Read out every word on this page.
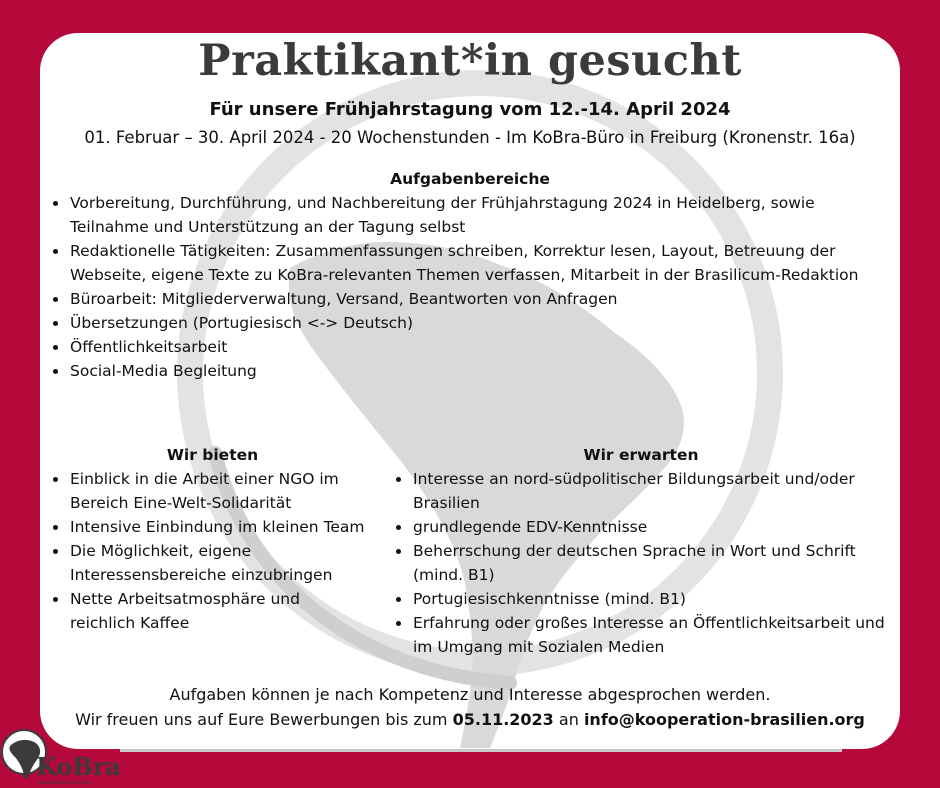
Praktikant*in gesucht
Für unsere Frühjahrstagung vom 12.-14. April 2024
01. Februar – 30. April 2024 - 20 Wochenstunden - Im KoBra-Büro in Freiburg (Kronenstr. 16a)
Aufgabenbereiche
Vorbereitung, Durchführung, und Nachbereitung der Frühjahrstagung 2024 in Heidelberg, sowie Teilnahme und Unterstützung an der Tagung selbst
Redaktionelle Tätigkeiten: Zusammenfassungen schreiben, Korrektur lesen, Layout, Betreuung der Webseite, eigene Texte zu KoBra-relevanten Themen verfassen, Mitarbeit in der Brasilicum-Redaktion
Büroarbeit: Mitgliederverwaltung, Versand, Beantworten von Anfragen
Übersetzungen (Portugiesisch <-> Deutsch)
Öffentlichkeitsarbeit
Social-Media Begleitung
Wir bieten
Einblick in die Arbeit einer NGO im Bereich Eine-Welt-Solidarität
Intensive Einbindung im kleinen Team
Die Möglichkeit, eigene Interessensbereiche einzubringen
Nette Arbeitsatmosphäre und reichlich Kaffee
Wir erwarten
Interesse an nord-südpolitischer Bildungsarbeit und/oder Brasilien
grundlegende EDV-Kenntnisse
Beherrschung der deutschen Sprache in Wort und Schrift (mind. B1)
Portugiesischkenntnisse (mind. B1)
Erfahrung oder großes Interesse an Öffentlichkeitsarbeit und im Umgang mit Sozialen Medien
Aufgaben können je nach Kompetenz und Interesse abgesprochen werden.
Wir freuen uns auf Eure Bewerbungen bis zum 05.11.2023 an info@kooperation-brasilien.org
KoBra
Kooperation Brasilien
